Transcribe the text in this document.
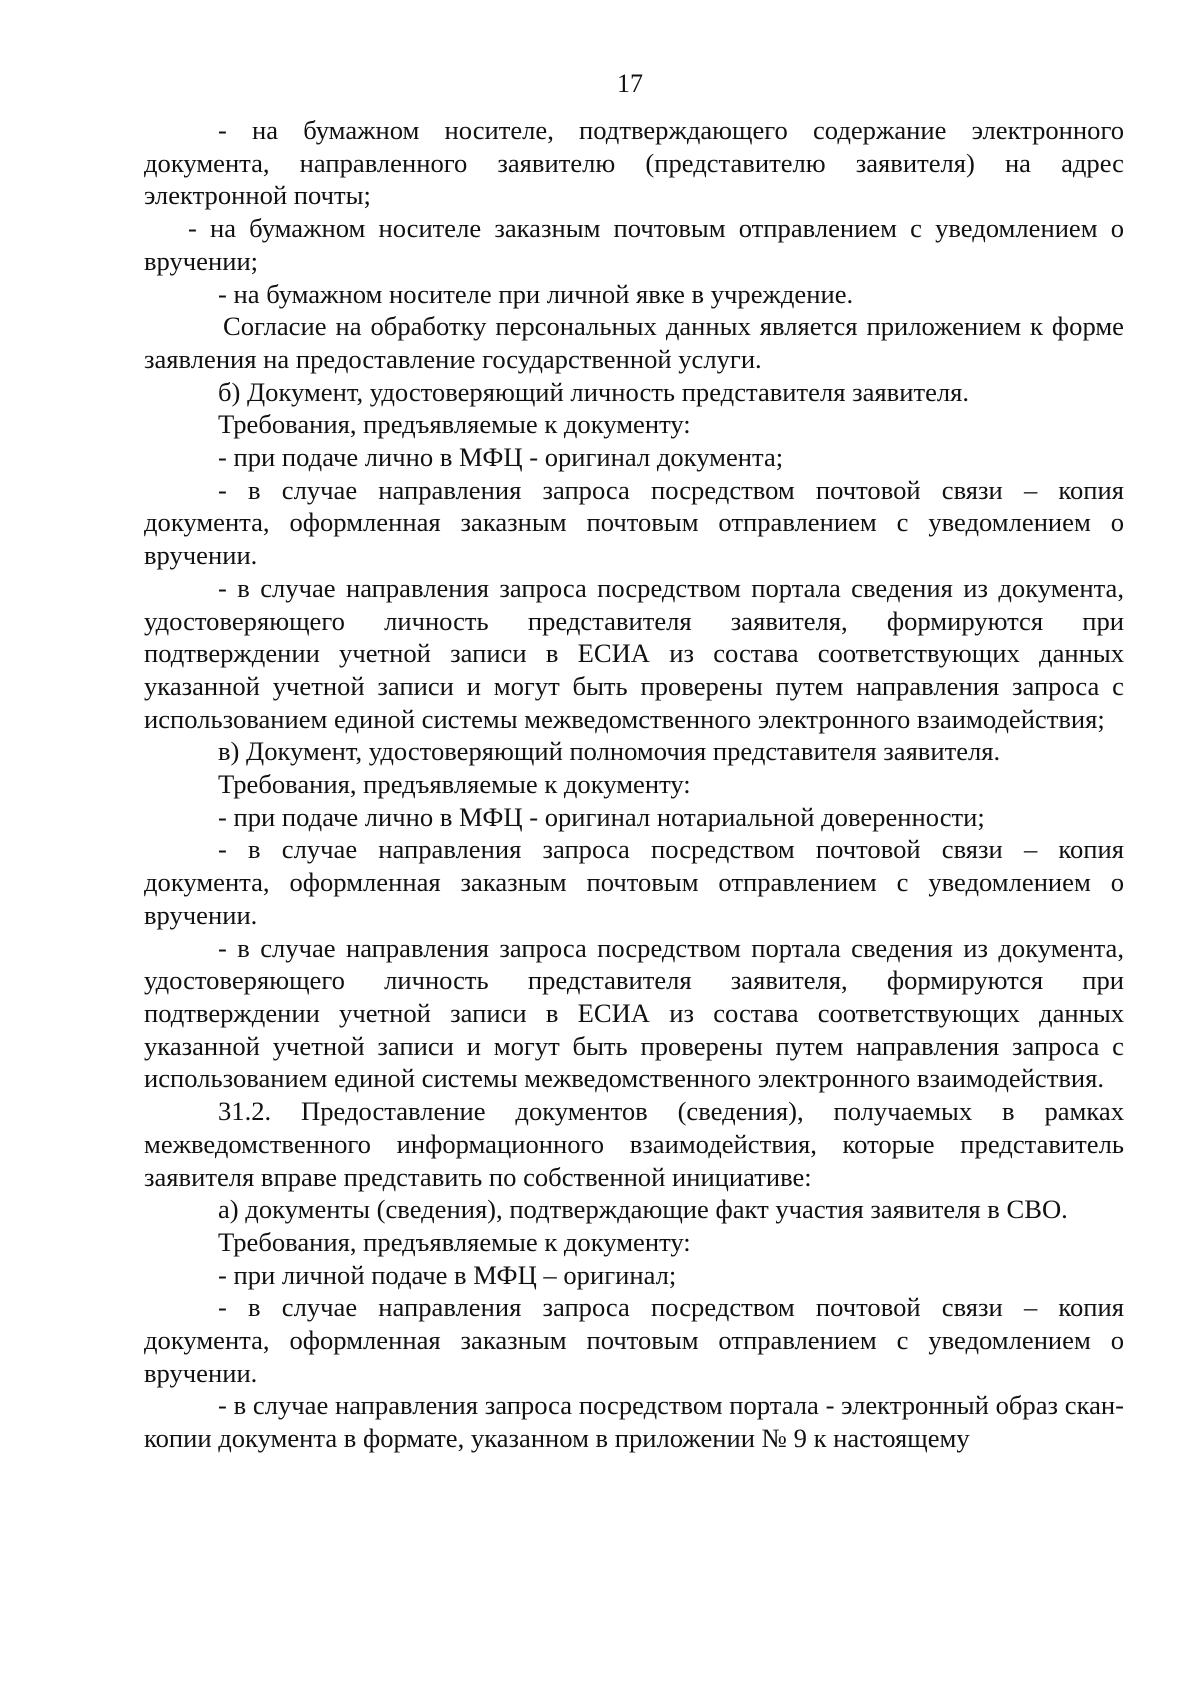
17

- на бумажном носителе, подтверждающего содержание электронного документа, направленного заявителю (представителю заявителя) на адрес электронной почты;

- на бумажном носителе заказным почтовым отправлением с уведомлением о вручении;

- на бумажном носителе при личной явке в учреждение.

Согласие на обработку персональных данных является приложением к форме заявления на предоставление государственной услуги.

б) Документ, удостоверяющий личность представителя заявителя.

Требования, предъявляемые к документу:

- при подаче лично в МФЦ - оригинал документа;

- в случае направления запроса посредством почтовой связи – копия документа, оформленная заказным почтовым отправлением с уведомлением о вручении.

- в случае направления запроса посредством портала сведения из документа, удостоверяющего личность представителя заявителя, формируются при подтверждении учетной записи в ЕСИА из состава соответствующих данных указанной учетной записи и могут быть проверены путем направления запроса с использованием единой системы межведомственного электронного взаимодействия;

в) Документ, удостоверяющий полномочия представителя заявителя.

Требования, предъявляемые к документу:

- при подаче лично в МФЦ - оригинал нотариальной доверенности;

- в случае направления запроса посредством почтовой связи – копия документа, оформленная заказным почтовым отправлением с уведомлением о вручении.

- в случае направления запроса посредством портала сведения из документа, удостоверяющего личность представителя заявителя, формируются при подтверждении учетной записи в ЕСИА из состава соответствующих данных указанной учетной записи и могут быть проверены путем направления запроса с использованием единой системы межведомственного электронного взаимодействия.

31.2. Предоставление документов (сведения), получаемых в рамках межведомственного информационного взаимодействия, которые представитель заявителя вправе представить по собственной инициативе:

а) документы (сведения), подтверждающие факт участия заявителя в СВО.

Требования, предъявляемые к документу:

- при личной подаче в МФЦ – оригинал;

- в случае направления запроса посредством почтовой связи – копия документа, оформленная заказным почтовым отправлением с уведомлением о вручении.

- в случае направления запроса посредством портала - электронный образ скан-копии документа в формате, указанном в приложении № 9 к настоящему
